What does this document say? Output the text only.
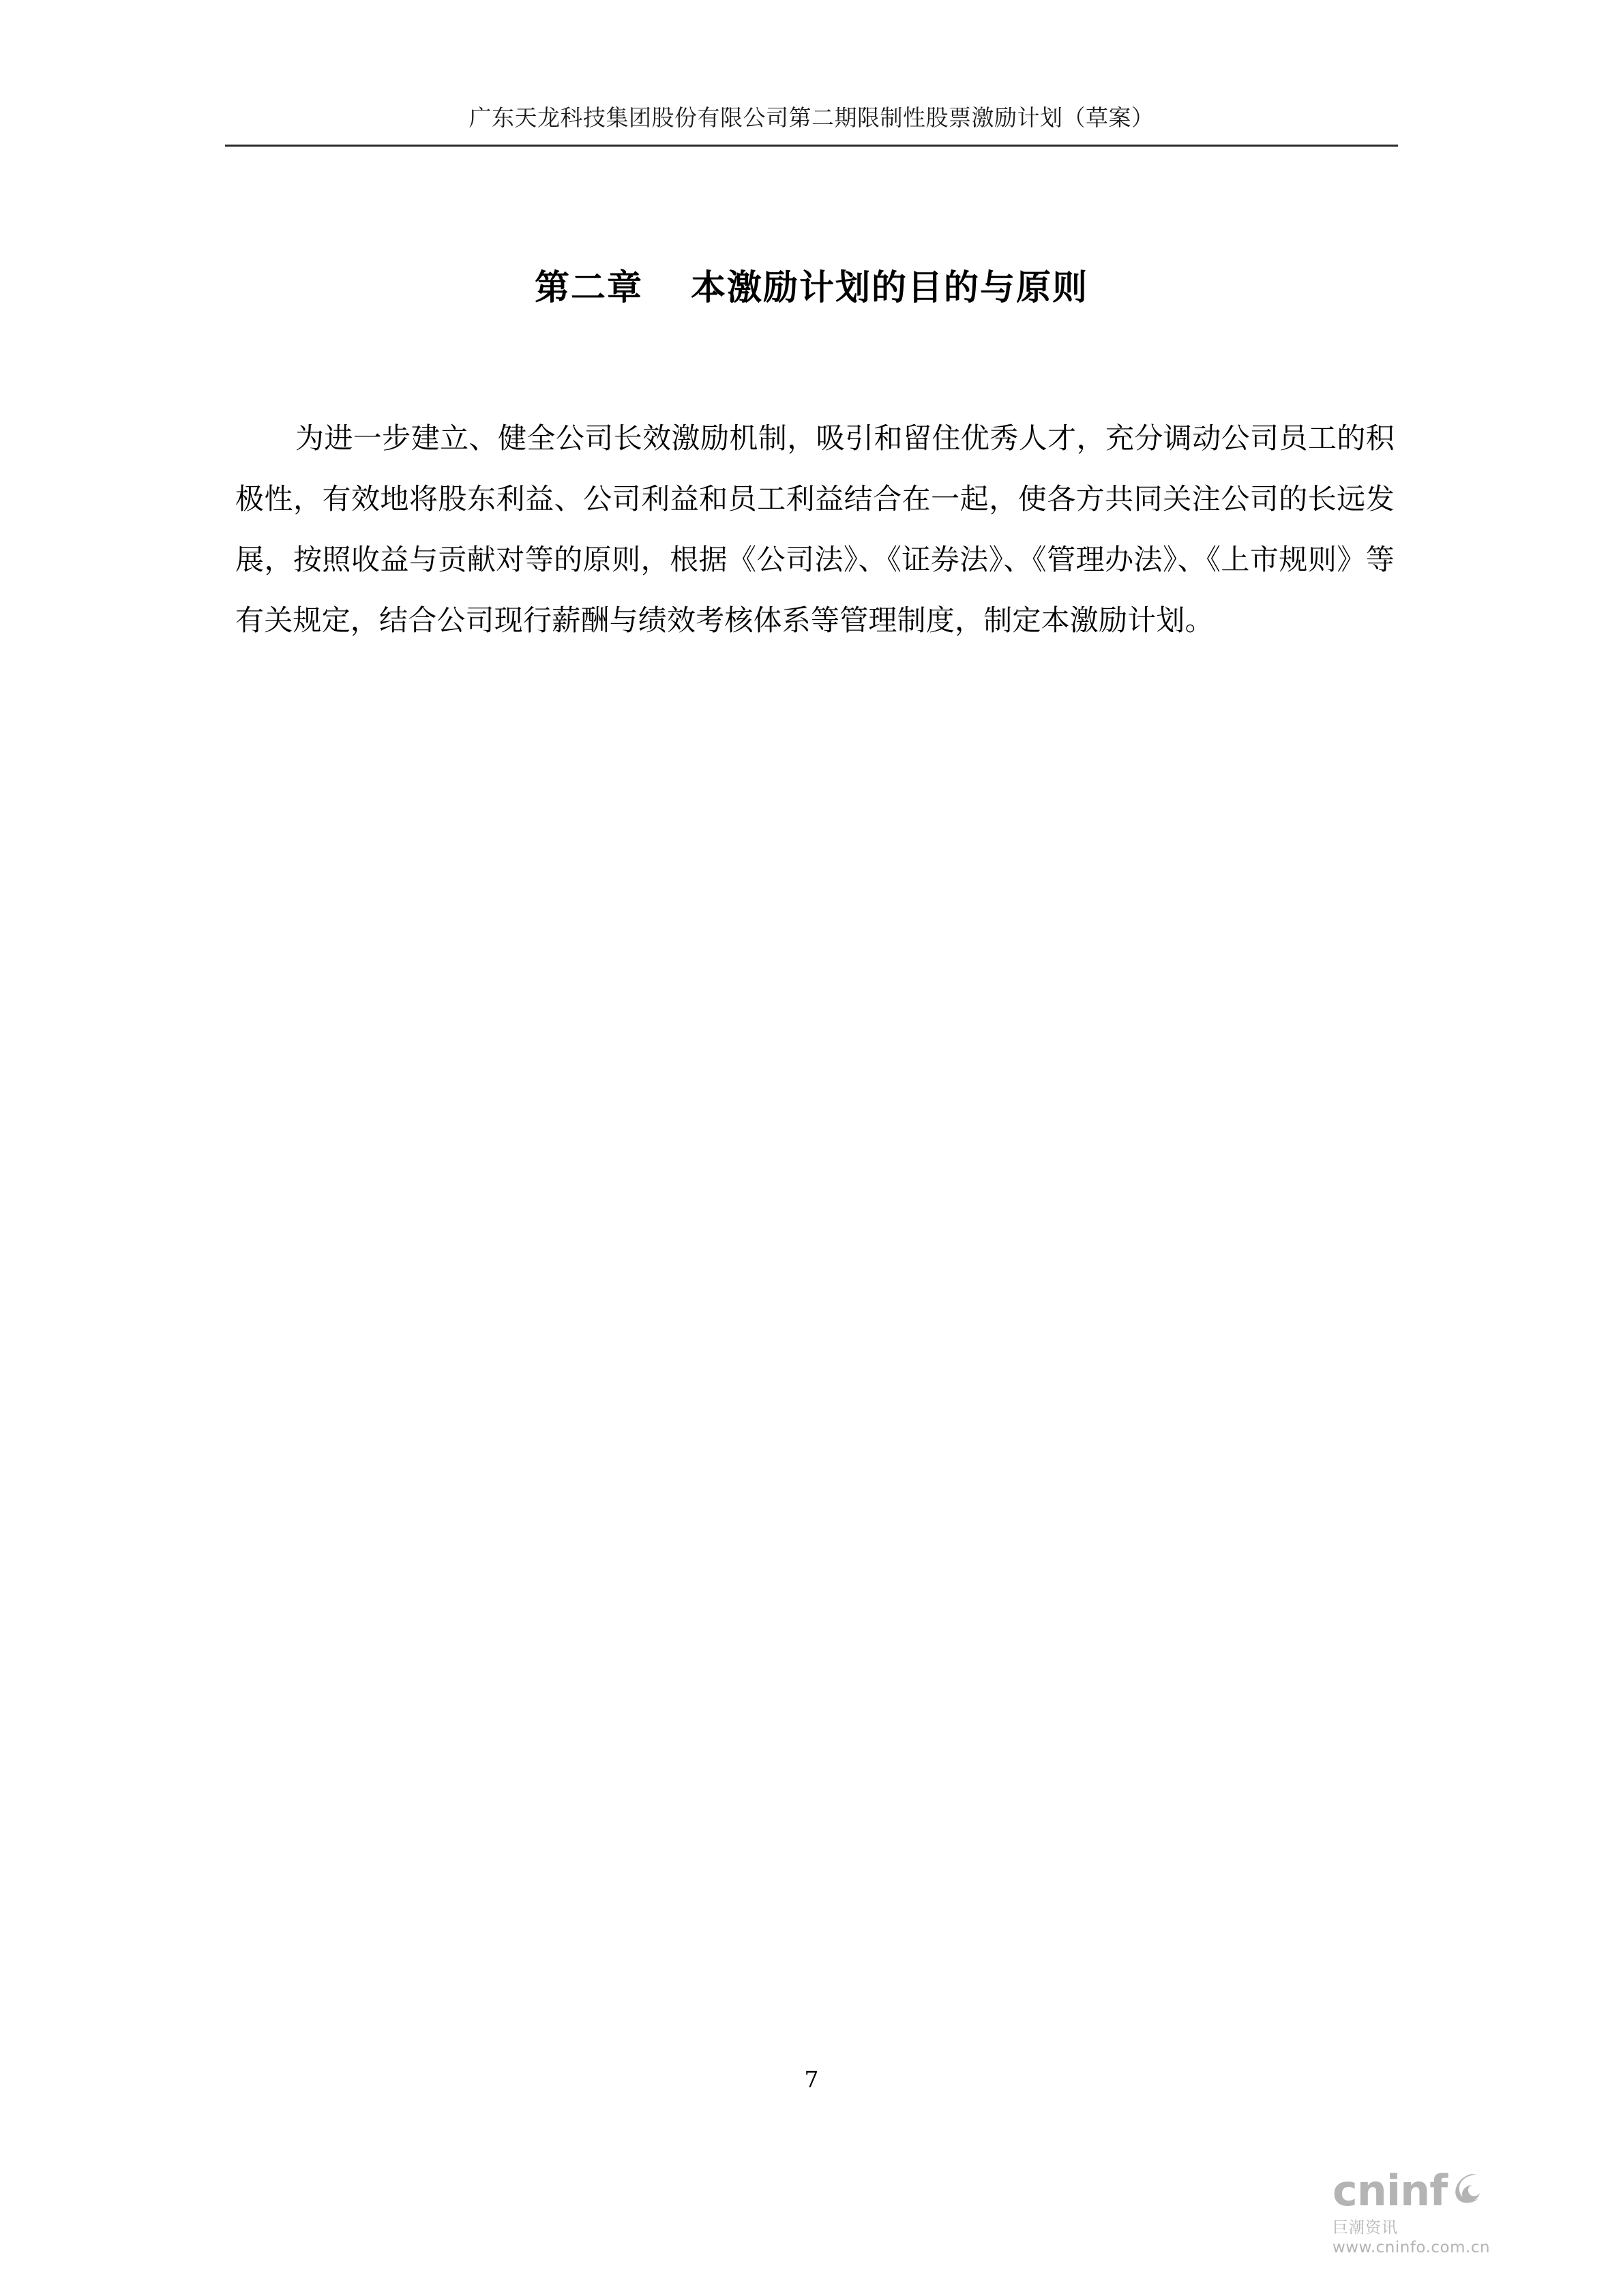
广东天龙科技集团股份有限公司第二期限制性股票激励计划（草案）
第二章 本激励计划的目的与原则

为进一步建立、健全公司长效激励机制，吸引和留住优秀人才，充分调动公司员工的积极性，有效地将股东利益、公司利益和员工利益结合在一起，使各方共同关注公司的长远发展，按照收益与贡献对等的原则，根据《公司法》、《证券法》、《管理办法》、《上市规则》等有关规定，结合公司现行薪酬与绩效考核体系等管理制度，制定本激励计划。

7
cninf
巨潮资讯
www.cninfo.com.cn
